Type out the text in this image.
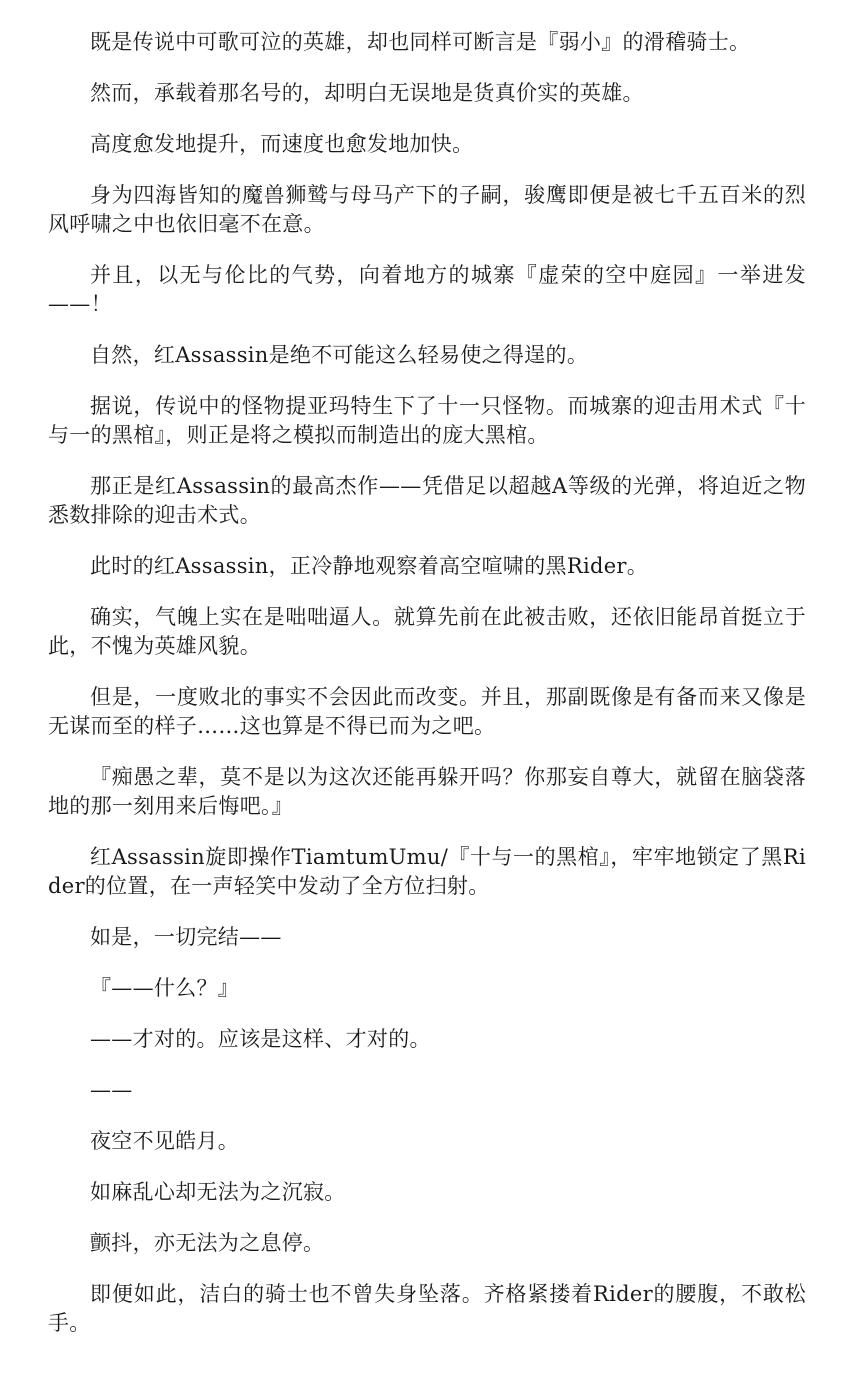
既是传说中可歌可泣的英雄，却也同样可断言是『弱小』的滑稽骑士。

然而，承载着那名号的，却明白无误地是货真价实的英雄。

高度愈发地提升，而速度也愈发地加快。

身为四海皆知的魔兽狮鹫与母马产下的子嗣，骏鹰即便是被七千五百米的烈风呼啸之中也依旧毫不在意。

并且，以无与伦比的气势，向着地方的城寨『虚荣的空中庭园』一举进发——！

自然，红Assassin是绝不可能这么轻易使之得逞的。

据说，传说中的怪物提亚玛特生下了十一只怪物。而城寨的迎击用术式『十与一的黑棺』，则正是将之模拟而制造出的庞大黑棺。

那正是红Assassin的最高杰作——凭借足以超越A等级的光弹，将迫近之物悉数排除的迎击术式。

此时的红Assassin，正冷静地观察着高空喧啸的黑Rider。

确实，气魄上实在是咄咄逼人。就算先前在此被击败，还依旧能昂首挺立于此，不愧为英雄风貌。

但是，一度败北的事实不会因此而改变。并且，那副既像是有备而来又像是无谋而至的样子……这也算是不得已而为之吧。

『痴愚之辈，莫不是以为这次还能再躲开吗？你那妄自尊大，就留在脑袋落地的那一刻用来后悔吧。』

红Assassin旋即操作TiamtumUmu/『十与一的黑棺』，牢牢地锁定了黑Rider的位置，在一声轻笑中发动了全方位扫射。

如是，一切完结——

『——什么？』

——才对的。应该是这样、才对的。

——

夜空不见皓月。

如麻乱心却无法为之沉寂。

颤抖，亦无法为之息停。

即便如此，洁白的骑士也不曾失身坠落。齐格紧搂着Rider的腰腹，不敢松手。
